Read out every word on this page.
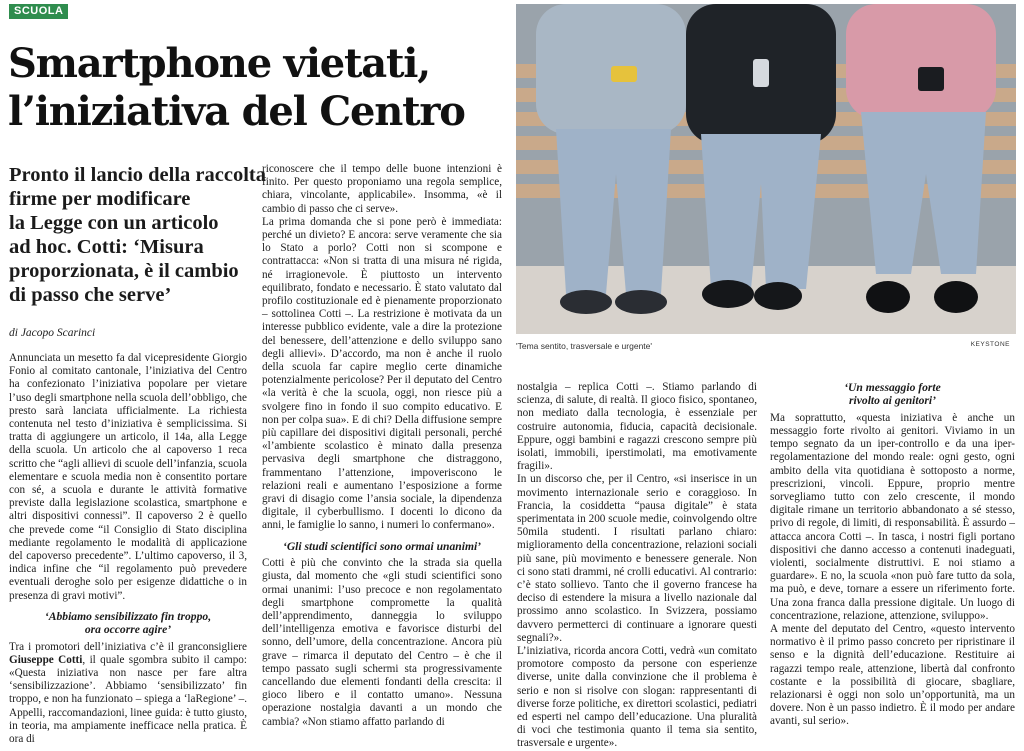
SCUOLA
Smartphone vietati,
l’iniziativa del Centro
Pronto il lancio della raccolta
firme per modificare
la Legge con un articolo
ad hoc. Cotti: ‘Misura
proporzionata, è il cambio
di passo che serve’
di Jacopo Scarinci

Annunciata un mesetto fa dal vicepresidente Giorgio Fonio al comitato cantonale, l’iniziativa del Centro ha confezionato l’iniziativa popolare per vietare l’uso degli smartphone nella scuola dell’obbligo, che presto sarà lanciata ufficialmente. La richiesta contenuta nel testo d’iniziativa è semplicissima. Si tratta di aggiungere un articolo, il 14a, alla Legge della scuola. Un articolo che al capoverso 1 reca scritto che “agli allievi di scuole dell’infanzia, scuola elementare e scuola media non è consentito portare con sé, a scuola e durante le attività formative previste dalla legislazione scolastica, smartphone e altri dispositivi connessi”. Il capoverso 2 è quello che prevede come “il Consiglio di Stato disciplina mediante regolamento le modalità di applicazione del capoverso precedente”. L’ultimo capoverso, il 3, indica infine che “il regolamento può prevedere eventuali deroghe solo per esigenze didattiche o in presenza di gravi motivi”.

‘Abbiamo sensibilizzato fin troppo,
ora occorre agire’

Tra i promotori dell’iniziativa c’è il granconsigliere Giuseppe Cotti, il quale sgombra subito il campo: «Questa iniziativa non nasce per fare altra ‘sensibilizzazione’. Abbiamo ‘sensibilizzato’ fin troppo, e non ha funzionato – spiega a ‘laRegione’ –. Appelli, raccomandazioni, linee guida: è tutto giusto, in teoria, ma ampiamente inefficace nella pratica. È ora di

riconoscere che il tempo delle buone intenzioni è finito. Per questo proponiamo una regola semplice, chiara, vincolante, applicabile». Insomma, «è il cambio di passo che ci serve».

La prima domanda che si pone però è immediata: perché un divieto? E ancora: serve veramente che sia lo Stato a porlo? Cotti non si scompone e contrattacca: «Non si tratta di una misura né rigida, né irragionevole. È piuttosto un intervento equilibrato, fondato e necessario. È stato valutato dal profilo costituzionale ed è pienamente proporzionato – sottolinea Cotti –. La restrizione è motivata da un interesse pubblico evidente, vale a dire la protezione del benessere, dell’attenzione e dello sviluppo sano degli allievi». D’accordo, ma non è anche il ruolo della scuola far capire meglio certe dinamiche potenzialmente pericolose? Per il deputato del Centro «la verità è che la scuola, oggi, non riesce più a svolgere fino in fondo il suo compito educativo. E non per colpa sua». E di chi? Della diffusione sempre più capillare dei dispositivi digitali personali, perché «l’ambiente scolastico è minato dalla presenza pervasiva degli smartphone che distraggono, frammentano l’attenzione, impoveriscono le relazioni reali e aumentano l’esposizione a forme gravi di disagio come l’ansia sociale, la dipendenza digitale, il cyberbullismo. I docenti lo dicono da anni, le famiglie lo sanno, i numeri lo confermano».

‘Gli studi scientifici sono ormai unanimi’

Cotti è più che convinto che la strada sia quella giusta, dal momento che «gli studi scientifici sono ormai unanimi: l’uso precoce e non regolamentato degli smartphone compromette la qualità dell’apprendimento, danneggia lo sviluppo dell’intelligenza emotiva e favorisce disturbi del sonno, dell’umore, della concentrazione. Ancora più grave – rimarca il deputato del Centro – è che il tempo passato sugli schermi sta progressivamente cancellando due elementi fondanti della crescita: il gioco libero e il contatto umano». Nessuna operazione nostalgia davanti a un mondo che cambia? «Non stiamo affatto parlando di

'Tema sentito, trasversale e urgente'	KEYSTONE

nostalgia – replica Cotti –. Stiamo parlando di scienza, di salute, di realtà. Il gioco fisico, spontaneo, non mediato dalla tecnologia, è essenziale per costruire autonomia, fiducia, capacità decisionale. Eppure, oggi bambini e ragazzi crescono sempre più isolati, immobili, iperstimolati, ma emotivamente fragili».

In un discorso che, per il Centro, «si inserisce in un movimento internazionale serio e coraggioso. In Francia, la cosiddetta “pausa digitale” è stata sperimentata in 200 scuole medie, coinvolgendo oltre 50mila studenti. I risultati parlano chiaro: miglioramento della concentrazione, relazioni sociali più sane, più movimento e benessere generale. Non ci sono stati drammi, né crolli educativi. Al contrario: c’è stato sollievo. Tanto che il governo francese ha deciso di estendere la misura a livello nazionale dal prossimo anno scolastico. In Svizzera, possiamo davvero permetterci di continuare a ignorare questi segnali?».

L’iniziativa, ricorda ancora Cotti, vedrà «un comitato promotore composto da persone con esperienze diverse, unite dalla convinzione che il problema è serio e non si risolve con slogan: rappresentanti di diverse forze politiche, ex direttori scolastici, pediatri ed esperti nel campo dell’educazione. Una pluralità di voci che testimonia quanto il tema sia sentito, trasversale e urgente».

‘Un messaggio forte
rivolto ai genitori’

Ma soprattutto, «questa iniziativa è anche un messaggio forte rivolto ai genitori. Viviamo in un tempo segnato da un iper-controllo e da una iper-regolamentazione del mondo reale: ogni gesto, ogni ambito della vita quotidiana è sottoposto a norme, prescrizioni, vincoli. Eppure, proprio mentre sorvegliamo tutto con zelo crescente, il mondo digitale rimane un territorio abbandonato a sé stesso, privo di regole, di limiti, di responsabilità. È assurdo – attacca ancora Cotti –. In tasca, i nostri figli portano dispositivi che danno accesso a contenuti inadeguati, violenti, socialmente distruttivi. E noi stiamo a guardare». E no, la scuola «non può fare tutto da sola, ma può, e deve, tornare a essere un riferimento forte. Una zona franca dalla pressione digitale. Un luogo di concentrazione, relazione, attenzione, sviluppo».

A mente del deputato del Centro, «questo intervento normativo è il primo passo concreto per ripristinare il senso e la dignità dell’educazione. Restituire ai ragazzi tempo reale, attenzione, libertà dal confronto costante e la possibilità di giocare, sbagliare, relazionarsi è oggi non solo un’opportunità, ma un dovere. Non è un passo indietro. È il modo per andare avanti, sul serio».
